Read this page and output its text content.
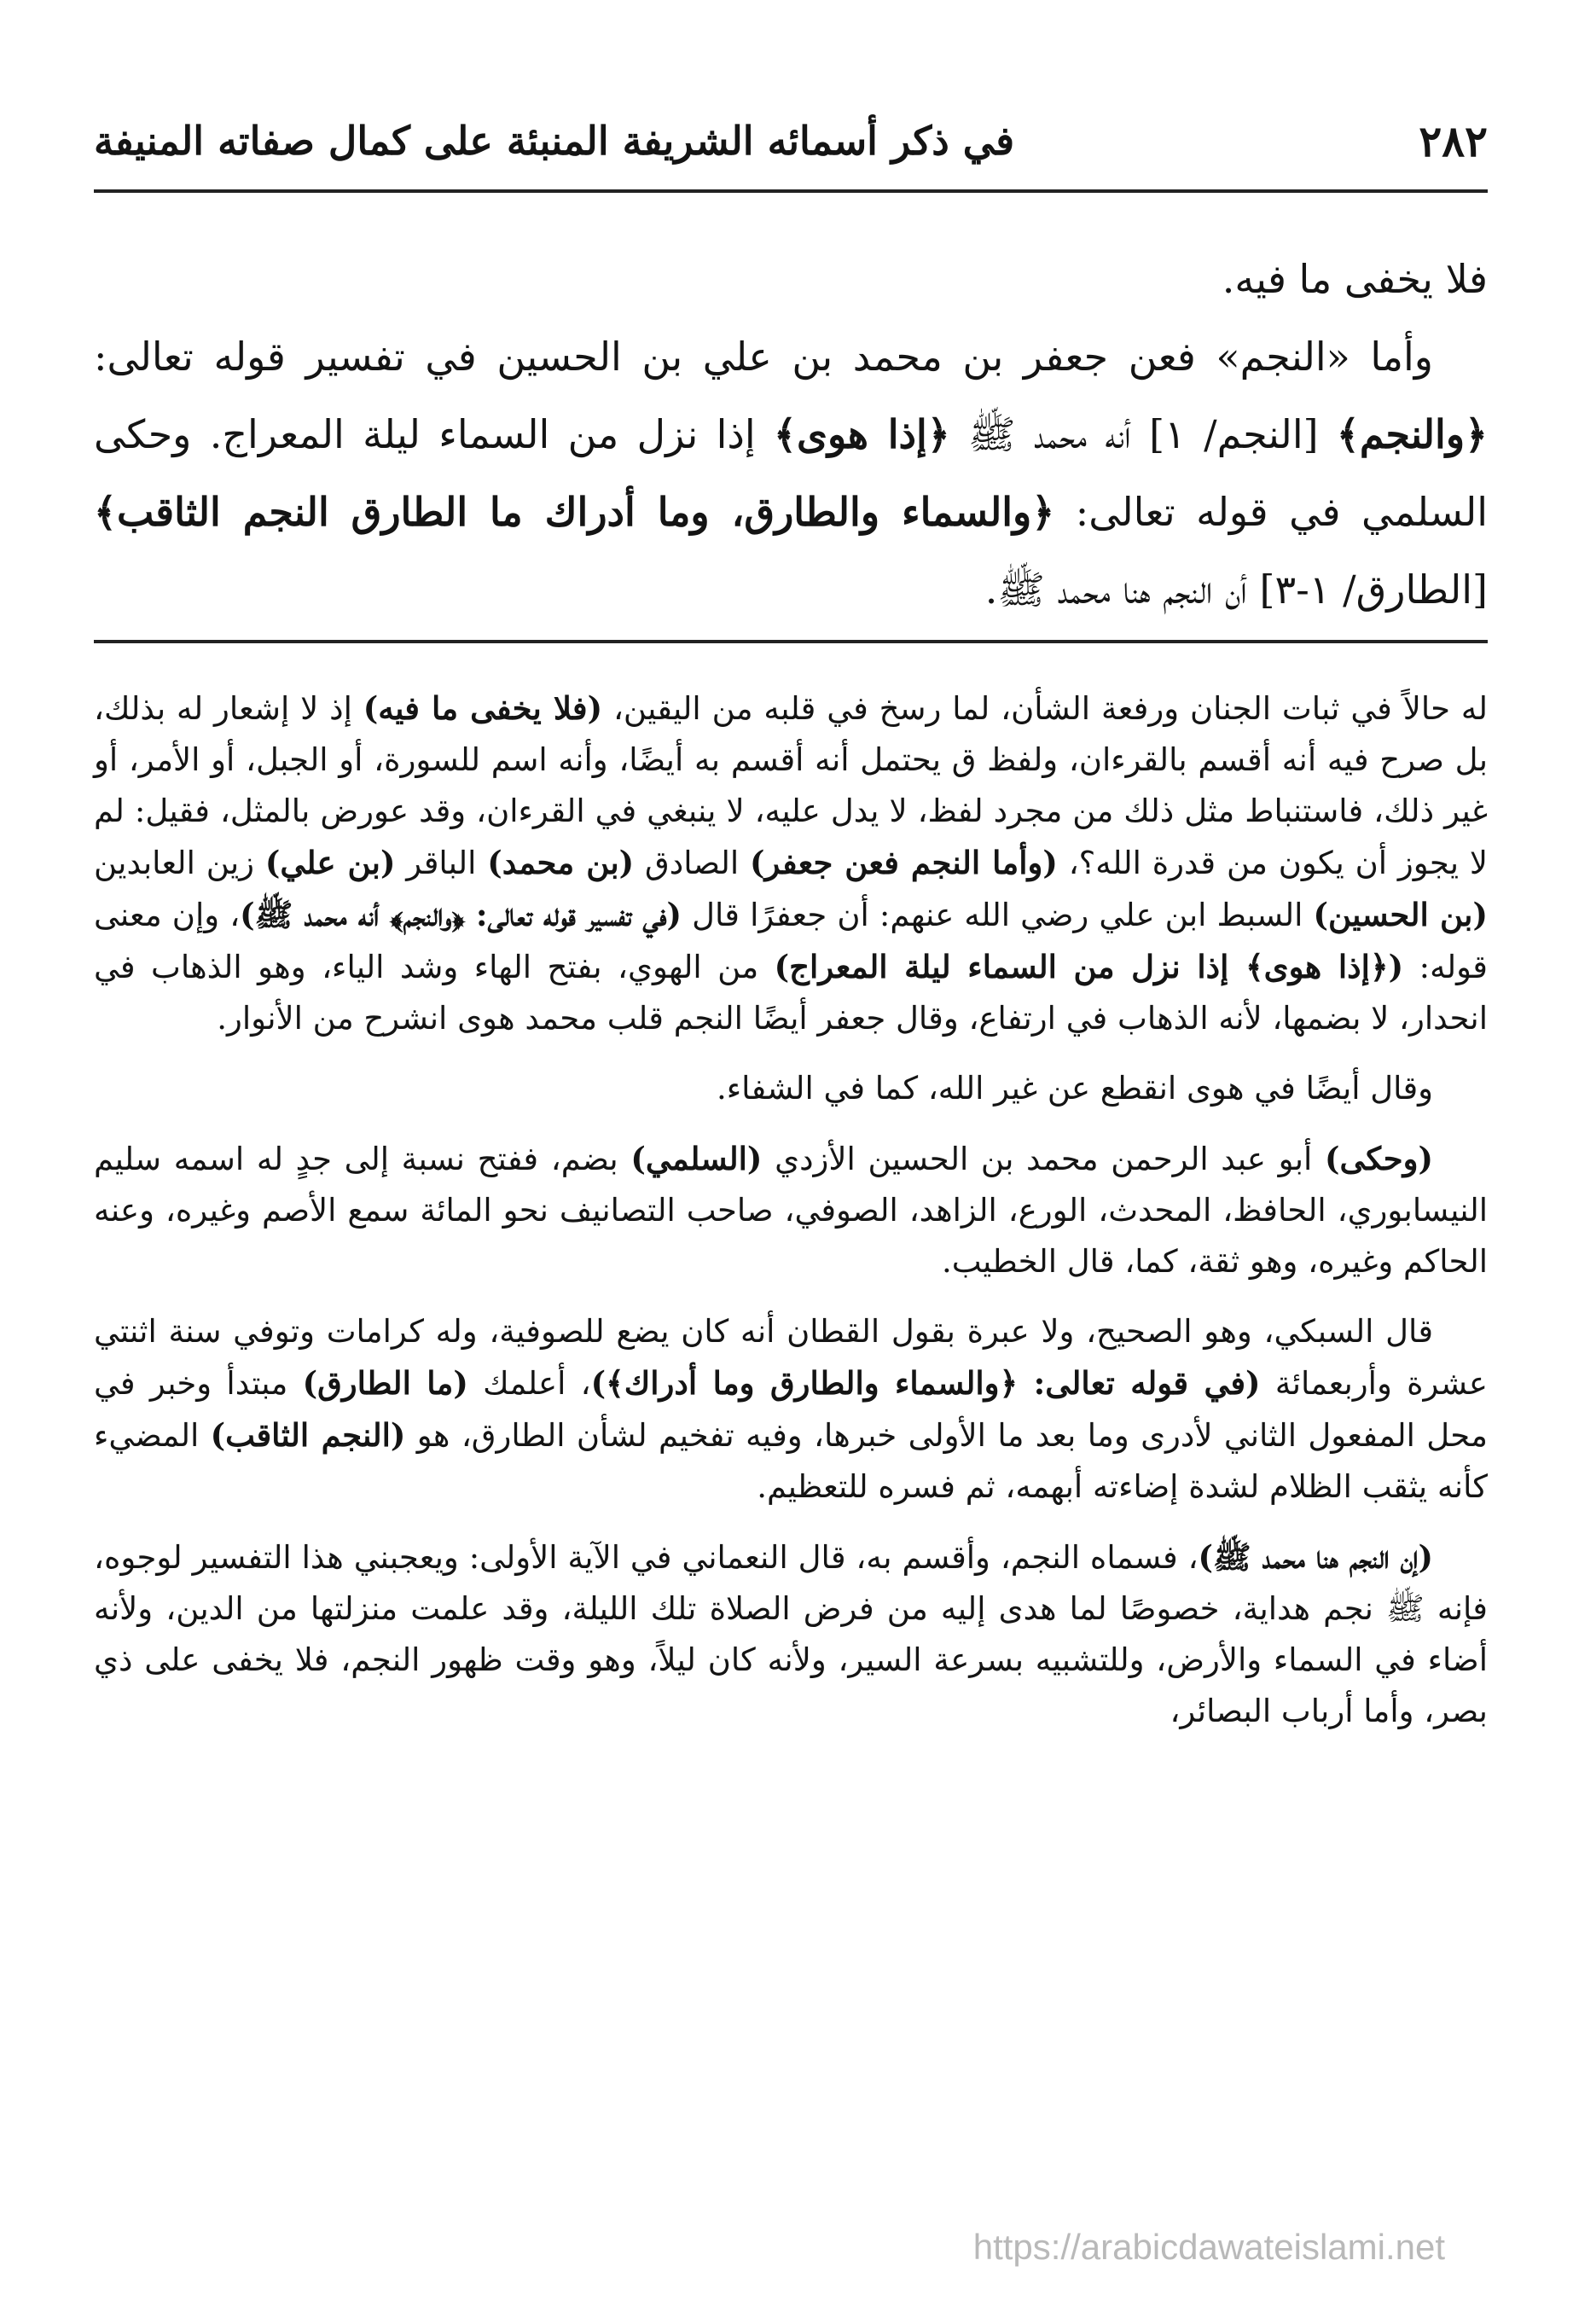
٢٨٢
في ذكر أسمائه الشريفة المنبئة على كمال صفاته المنيفة

فلا يخفى ما فيه.

وأما «النجم» فعن جعفر بن محمد بن علي بن الحسين في تفسير قوله تعالى: ﴿والنجم﴾ [النجم/ ١] أنه محمد ﷺ ﴿إذا هوى﴾ إذا نزل من السماء ليلة المعراج. وحكى السلمي في قوله تعالى: ﴿والسماء والطارق، وما أدراك ما الطارق النجم الثاقب﴾ [الطارق/ ١-٣] أن النجم هنا محمد ﷺ.

له حالاً في ثبات الجنان ورفعة الشأن، لما رسخ في قلبه من اليقين، (فلا يخفى ما فيه) إذ لا إشعار له بذلك، بل صرح فيه أنه أقسم بالقرءان، ولفظ ق يحتمل أنه أقسم به أيضًا، وأنه اسم للسورة، أو الجبل، أو الأمر، أو غير ذلك، فاستنباط مثل ذلك من مجرد لفظ، لا يدل عليه، لا ينبغي في القرءان، وقد عورض بالمثل، فقيل: لم لا يجوز أن يكون من قدرة الله؟، (وأما النجم فعن جعفر) الصادق (بن محمد) الباقر (بن علي) زين العابدين (بن الحسين) السبط ابن علي رضي الله عنهم: أن جعفرًا قال (في تفسير قوله تعالى: ﴿والنجم﴾ أنه محمد ﷺ)، وإن معنى قوله: (﴿إذا هوى﴾ إذا نزل من السماء ليلة المعراج) من الهوي، بفتح الهاء وشد الياء، وهو الذهاب في انحدار، لا بضمها، لأنه الذهاب في ارتفاع، وقال جعفر أيضًا النجم قلب محمد هوى انشرح من الأنوار.

وقال أيضًا في هوى انقطع عن غير الله، كما في الشفاء.

(وحكى) أبو عبد الرحمن محمد بن الحسين الأزدي (السلمي) بضم، ففتح نسبة إلى جدٍ له اسمه سليم النيسابوري، الحافظ، المحدث، الورع، الزاهد، الصوفي، صاحب التصانيف نحو المائة سمع الأصم وغيره، وعنه الحاكم وغيره، وهو ثقة، كما، قال الخطيب.

قال السبكي، وهو الصحيح، ولا عبرة بقول القطان أنه كان يضع للصوفية، وله كرامات وتوفي سنة اثنتي عشرة وأربعمائة (في قوله تعالى: ﴿والسماء والطارق وما أدراك﴾)، أعلمك (ما الطارق) مبتدأ وخبر في محل المفعول الثاني لأدرى وما بعد ما الأولى خبرها، وفيه تفخيم لشأن الطارق، هو (النجم الثاقب) المضيء كأنه يثقب الظلام لشدة إضاءته أبهمه، ثم فسره للتعظيم.

(إن النجم هنا محمد ﷺ)، فسماه النجم، وأقسم به، قال النعماني في الآية الأولى: ويعجبني هذا التفسير لوجوه، فإنه ﷺ نجم هداية، خصوصًا لما هدى إليه من فرض الصلاة تلك الليلة، وقد علمت منزلتها من الدين، ولأنه أضاء في السماء والأرض، وللتشبيه بسرعة السير، ولأنه كان ليلاً، وهو وقت ظهور النجم، فلا يخفى على ذي بصر، وأما أرباب البصائر،

https://arabicdawateislami.net
